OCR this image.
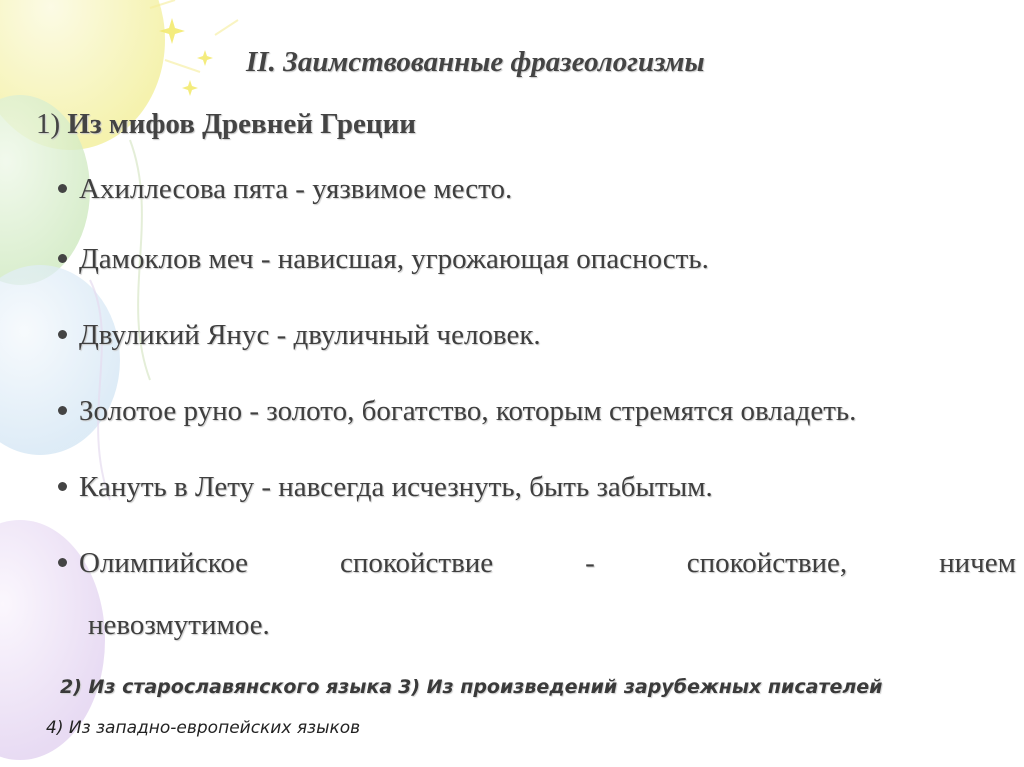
II. Заимствованные фразеологизмы
1) Из мифов Древней Греции
Ахиллесова пята - уязвимое место.
Дамоклов меч - нависшая, угрожающая опасность.
Двуликий Янус - двуличный человек.
Золотое руно - золото, богатство, которым стремятся овладеть.
Кануть в Лету - навсегда исчезнуть, быть забытым.
Олимпийское	спокойствие	-	спокойствие,	ничем
невозмутимое.
2) Из старославянского языка 3) Из произведений зарубежных писателей
4) Из западно-европейских языков
